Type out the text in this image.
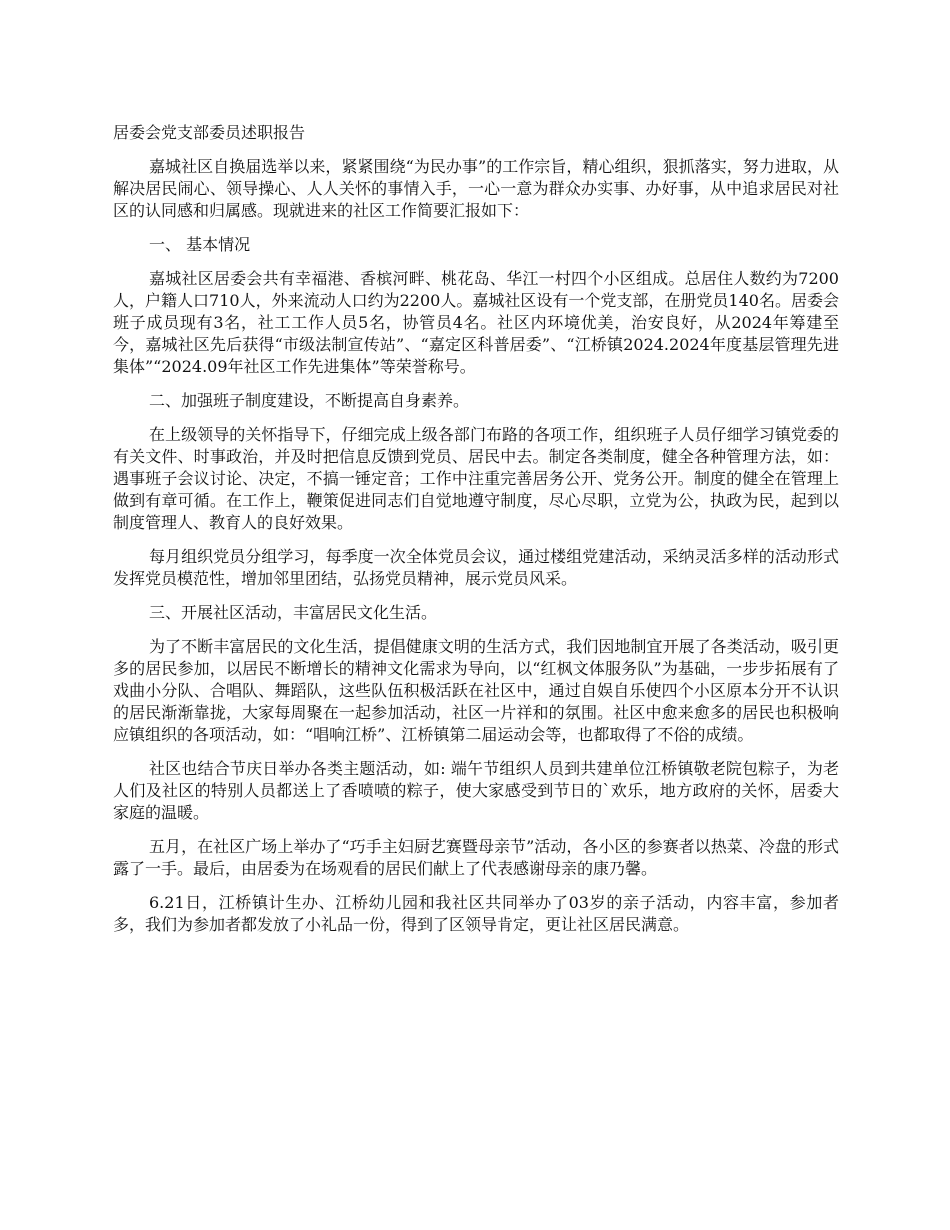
居委会党支部委员述职报告

嘉城社区自换届选举以来，紧紧围绕“为民办事”的工作宗旨，精心组织，狠抓落实，努力进取，从解决居民闹心、领导操心、人人关怀的事情入手，一心一意为群众办实事、办好事，从中追求居民对社区的认同感和归属感。现就进来的社区工作简要汇报如下：

一、 基本情况

嘉城社区居委会共有幸福港、香槟河畔、桃花岛、华江一村四个小区组成。总居住人数约为7200人，户籍人口710人，外来流动人口约为2200人。嘉城社区设有一个党支部，在册党员140名。居委会班子成员现有3名，社工工作人员5名，协管员4名。社区内环境优美，治安良好，从2024年筹建至今，嘉城社区先后获得“市级法制宣传站”、“嘉定区科普居委”、“江桥镇2024.2024年度基层管理先进集体”“2024.09年社区工作先进集体”等荣誉称号。

二、加强班子制度建设，不断提高自身素养。

在上级领导的关怀指导下，仔细完成上级各部门布路的各项工作，组织班子人员仔细学习镇党委的有关文件、时事政治，并及时把信息反馈到党员、居民中去。制定各类制度，健全各种管理方法，如：遇事班子会议讨论、决定，不搞一锤定音；工作中注重完善居务公开、党务公开。制度的健全在管理上做到有章可循。在工作上，鞭策促进同志们自觉地遵守制度，尽心尽职，立党为公，执政为民，起到以制度管理人、教育人的良好效果。

每月组织党员分组学习，每季度一次全体党员会议，通过楼组党建活动，采纳灵活多样的活动形式发挥党员模范性，增加邻里团结，弘扬党员精神，展示党员风采。

三、开展社区活动，丰富居民文化生活。

为了不断丰富居民的文化生活，提倡健康文明的生活方式，我们因地制宜开展了各类活动，吸引更多的居民参加，以居民不断增长的精神文化需求为导向，以“红枫文体服务队”为基础，一步步拓展有了戏曲小分队、合唱队、舞蹈队，这些队伍积极活跃在社区中，通过自娱自乐使四个小区原本分开不认识的居民渐渐靠拢，大家每周聚在一起参加活动，社区一片祥和的氛围。社区中愈来愈多的居民也积极响应镇组织的各项活动，如：“唱响江桥”、江桥镇第二届运动会等，也都取得了不俗的成绩。

社区也结合节庆日举办各类主题活动，如: 端午节组织人员到共建单位江桥镇敬老院包粽子，为老人们及社区的特别人员都送上了香喷喷的粽子，使大家感受到节日的`欢乐，地方政府的关怀，居委大家庭的温暖。

五月，在社区广场上举办了“巧手主妇厨艺赛暨母亲节”活动，各小区的参赛者以热菜、冷盘的形式露了一手。最后，由居委为在场观看的居民们献上了代表感谢母亲的康乃馨。

6.21日，江桥镇计生办、江桥幼儿园和我社区共同举办了03岁的亲子活动，内容丰富，参加者多，我们为参加者都发放了小礼品一份，得到了区领导肯定，更让社区居民满意。
